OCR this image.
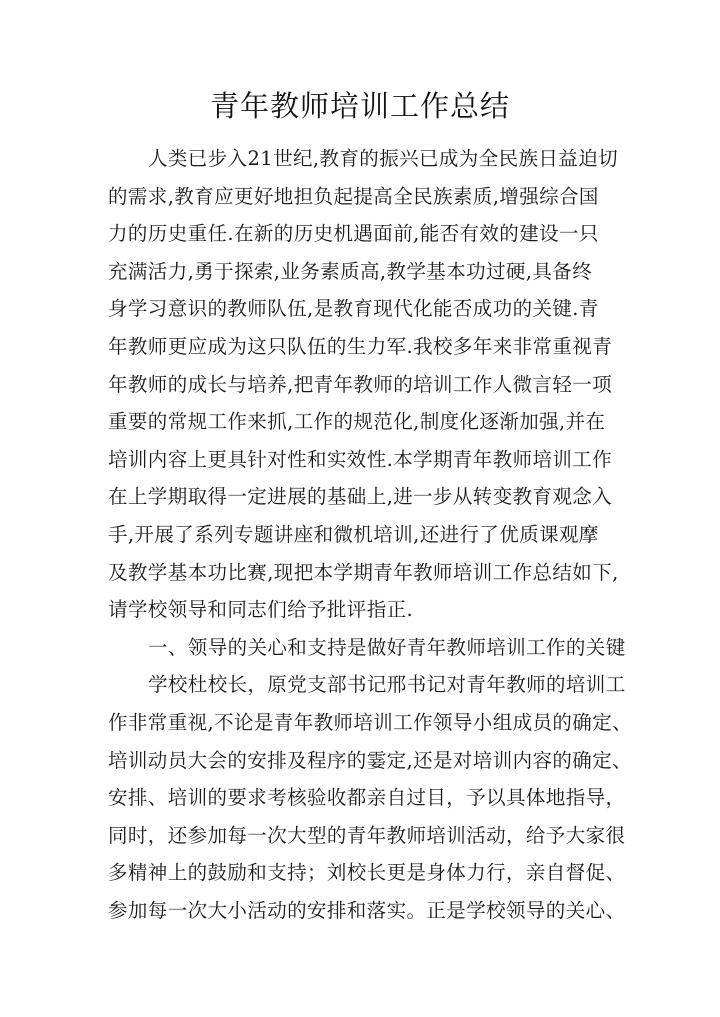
青年教师培训工作总结
人类已步入21世纪,教育的振兴已成为全民族日益迫切
的需求,教育应更好地担负起提高全民族素质,增强综合国
力的历史重任.在新的历史机遇面前,能否有效的建设一只
充满活力,勇于探索,业务素质高,教学基本功过硬,具备终
身学习意识的教师队伍,是教育现代化能否成功的关键.青
年教师更应成为这只队伍的生力军.我校多年来非常重视青
年教师的成长与培养,把青年教师的培训工作人微言轻一项
重要的常规工作来抓,工作的规范化,制度化逐渐加强,并在
培训内容上更具针对性和实效性.本学期青年教师培训工作
在上学期取得一定进展的基础上,进一步从转变教育观念入
手,开展了系列专题讲座和微机培训,还进行了优质课观摩
及教学基本功比赛,现把本学期青年教师培训工作总结如下,
请学校领导和同志们给予批评指正.
一、领导的关心和支持是做好青年教师培训工作的关键
学校杜校长，原党支部书记邢书记对青年教师的培训工
作非常重视,不论是青年教师培训工作领导小组成员的确定、
培训动员大会的安排及程序的霎定,还是对培训内容的确定、
安排、培训的要求考核验收都亲自过目，予以具体地指导，
同时，还参加每一次大型的青年教师培训活动，给予大家很
多精神上的鼓励和支持；刘校长更是身体力行，亲自督促、
参加每一次大小活动的安排和落实。正是学校领导的关心、
